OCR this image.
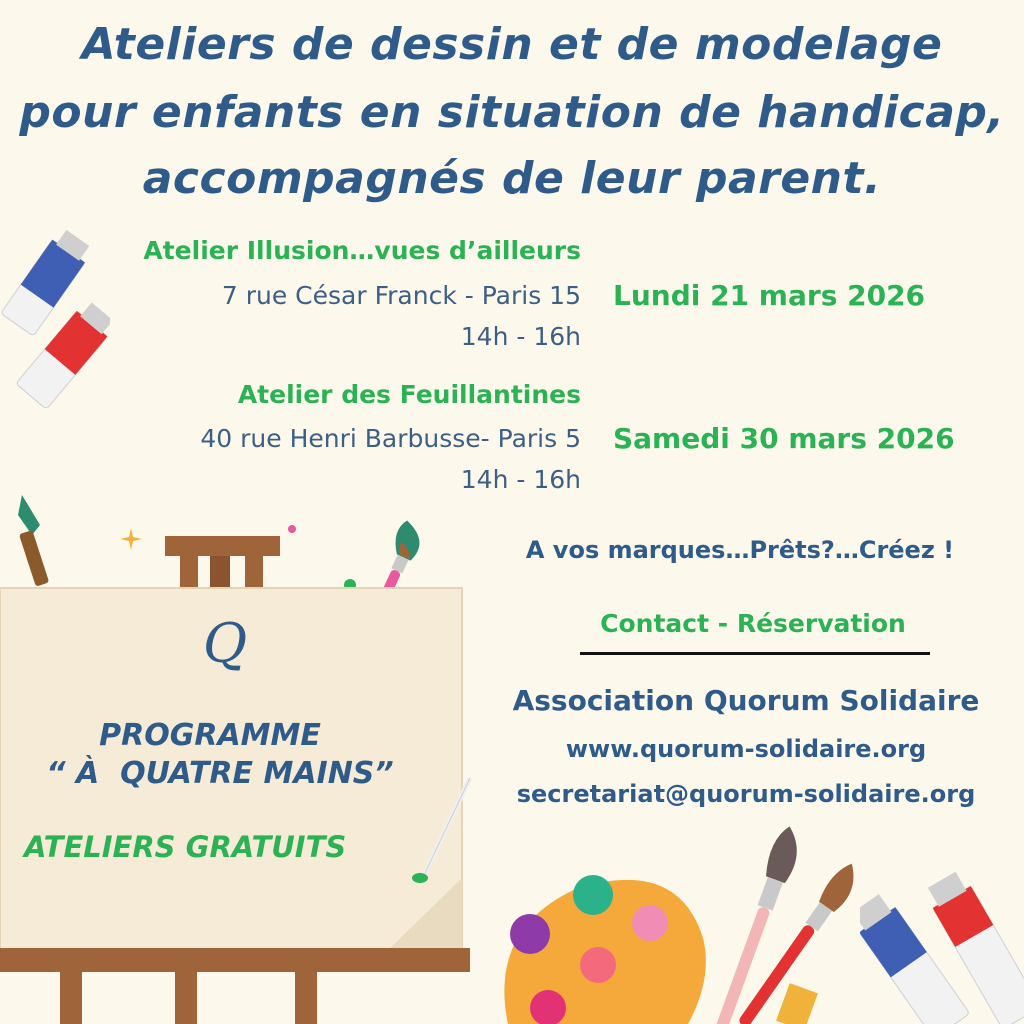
Ateliers de dessin et de modelage
pour enfants en situation de handicap,
accompagnés de leur parent.
Atelier Illusion…vues d’ailleurs
7 rue César Franck - Paris 15
14h - 16h
Lundi 21 mars 2026
Atelier des Feuillantines
40 rue Henri Barbusse- Paris 5
14h - 16h
Samedi 30 mars 2026
Q
PROGRAMME
“ À  QUATRE MAINS”
ATELIERS GRATUITS
A vos marques…Prêts?…Créez !
Contact - Réservation
Association Quorum Solidaire
www.quorum-solidaire.org
secretariat@quorum-solidaire.org
